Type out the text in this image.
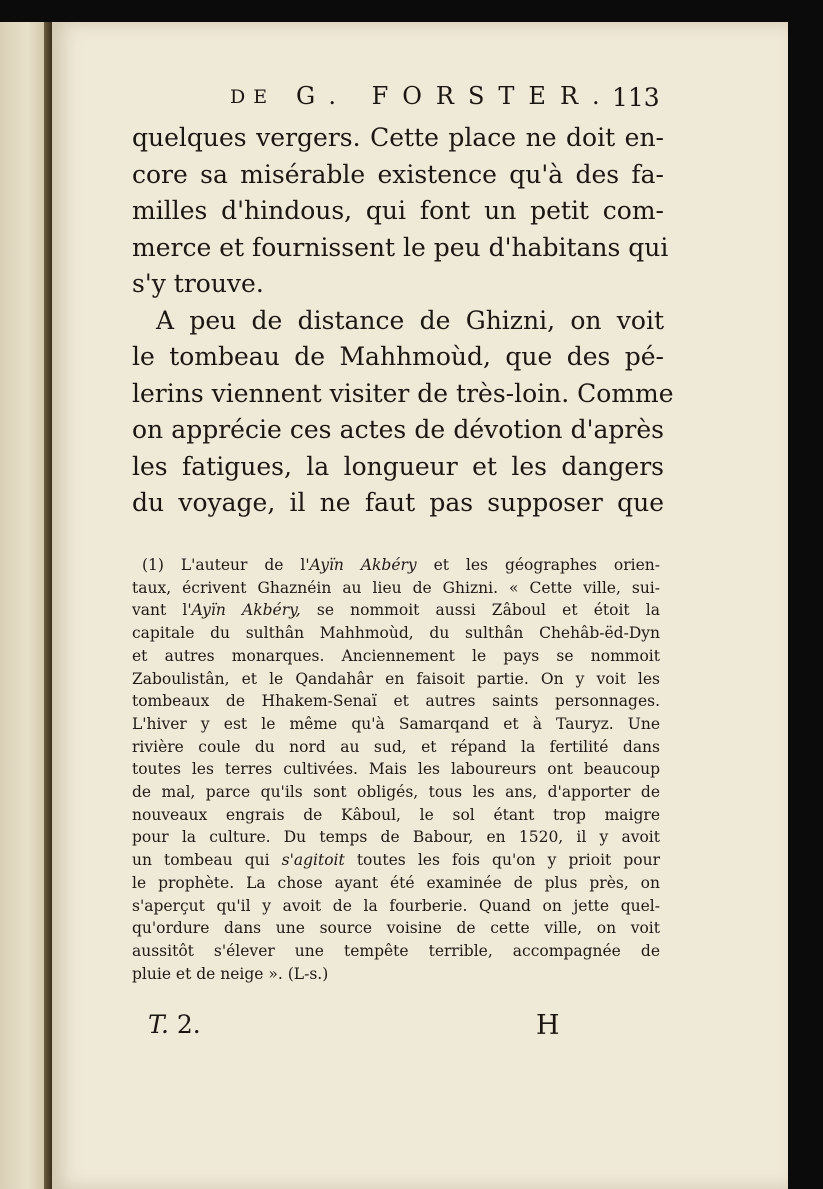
DE G. FORSTER.
113
quelques vergers. Cette place ne doit en-
core sa misérable existence qu'à des fa-
milles d'hindous, qui font un petit com-
merce et fournissent le peu d'habitans qui
s'y trouve.
A peu de distance de Ghizni, on voit
le tombeau de Mahhmoùd, que des pé-
lerins viennent visiter de très-loin. Comme
on apprécie ces actes de dévotion d'après
les fatigues, la longueur et les dangers
du voyage, il ne faut pas supposer que
(1) L'auteur de l'Ayïn Akbéry et les géographes orien-
taux, écrivent Ghaznéin au lieu de Ghizni. « Cette ville, sui-
vant l'Ayïn Akbéry, se nommoit aussi Zâboul et étoit la
capitale du sulthân Mahhmoùd, du sulthân Chehâb-ëd-Dyn
et autres monarques. Anciennement le pays se nommoit
Zaboulistân, et le Qandahâr en faisoit partie. On y voit les
tombeaux de Hhakem-Senaï et autres saints personnages.
L'hiver y est le même qu'à Samarqand et à Tauryz. Une
rivière coule du nord au sud, et répand la fertilité dans
toutes les terres cultivées. Mais les laboureurs ont beaucoup
de mal, parce qu'ils sont obligés, tous les ans, d'apporter de
nouveaux engrais de Kâboul, le sol étant trop maigre
pour la culture. Du temps de Babour, en 1520, il y avoit
un tombeau qui s'agitoit toutes les fois qu'on y prioit pour
le prophète. La chose ayant été examinée de plus près, on
s'aperçut qu'il y avoit de la fourberie. Quand on jette quel-
qu'ordure dans une source voisine de cette ville, on voit
aussitôt s'élever une tempête terrible, accompagnée de
pluie et de neige ». (L-s.)
T. 2.	H
